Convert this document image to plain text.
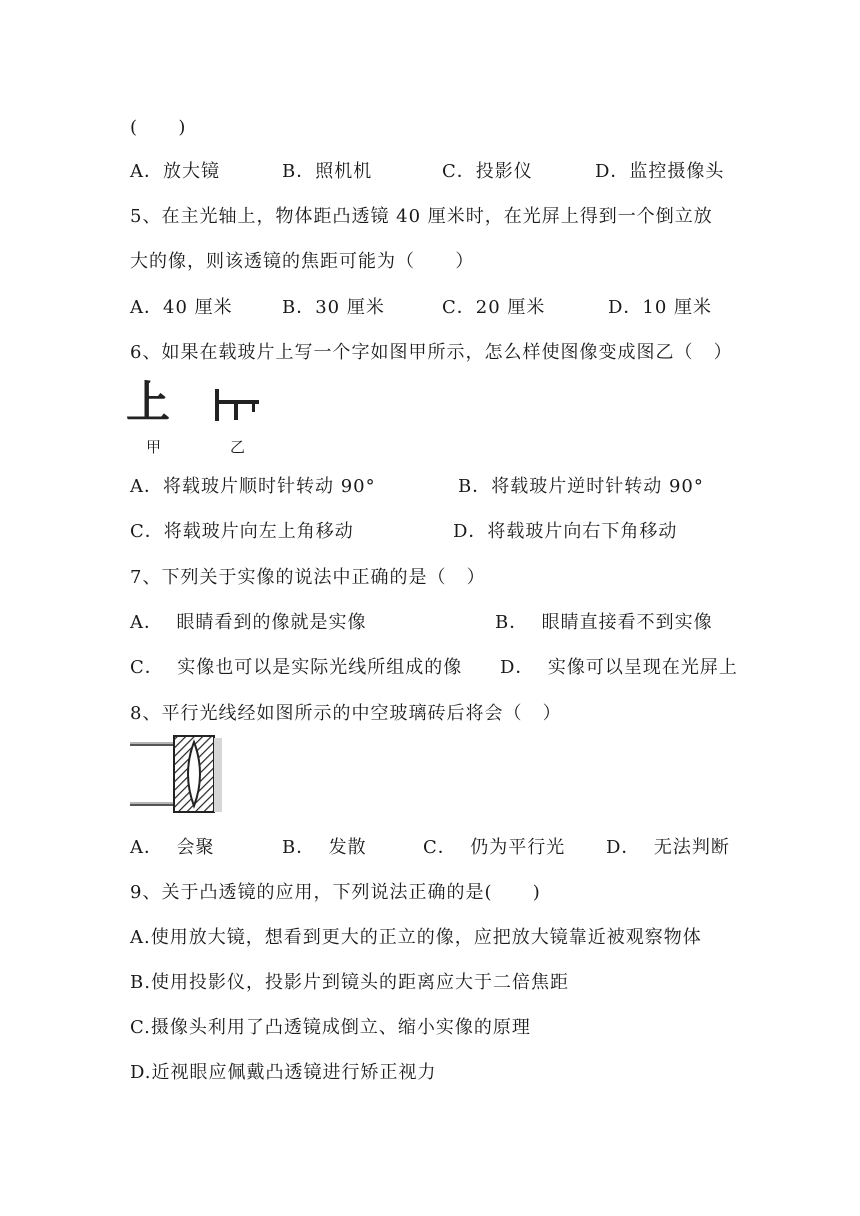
(      )
A．放大镜	B．照机机	C．投影仪	D．监控摄像头
5、在主光轴上，物体距凸透镜 40 厘米时，在光屏上得到一个倒立放
大的像，则该透镜的焦距可能为（      ）
A．40 厘米	B．30 厘米	C．20 厘米	D．10 厘米
6、如果在载玻片上写一个字如图甲所示，怎么样使图像变成图乙（   ）
上
甲	乙
A．将载玻片顺时针转动 90°	B．将载玻片逆时针转动 90°
C．将载玻片向左上角移动	D．将载玻片向右下角移动
7、下列关于实像的说法中正确的是（   ）
A．  眼睛看到的像就是实像	B．  眼睛直接看不到实像
C．  实像也可以是实际光线所组成的像 D．  实像可以呈现在光屏上
8、平行光线经如图所示的中空玻璃砖后将会（   ）
A．  会聚	B．  发散	C．  仍为平行光 D．  无法判断
9、关于凸透镜的应用，下列说法正确的是(      )
A.使用放大镜，想看到更大的正立的像，应把放大镜靠近被观察物体
B.使用投影仪，投影片到镜头的距离应大于二倍焦距
C.摄像头利用了凸透镜成倒立、缩小实像的原理
D.近视眼应佩戴凸透镜进行矫正视力
